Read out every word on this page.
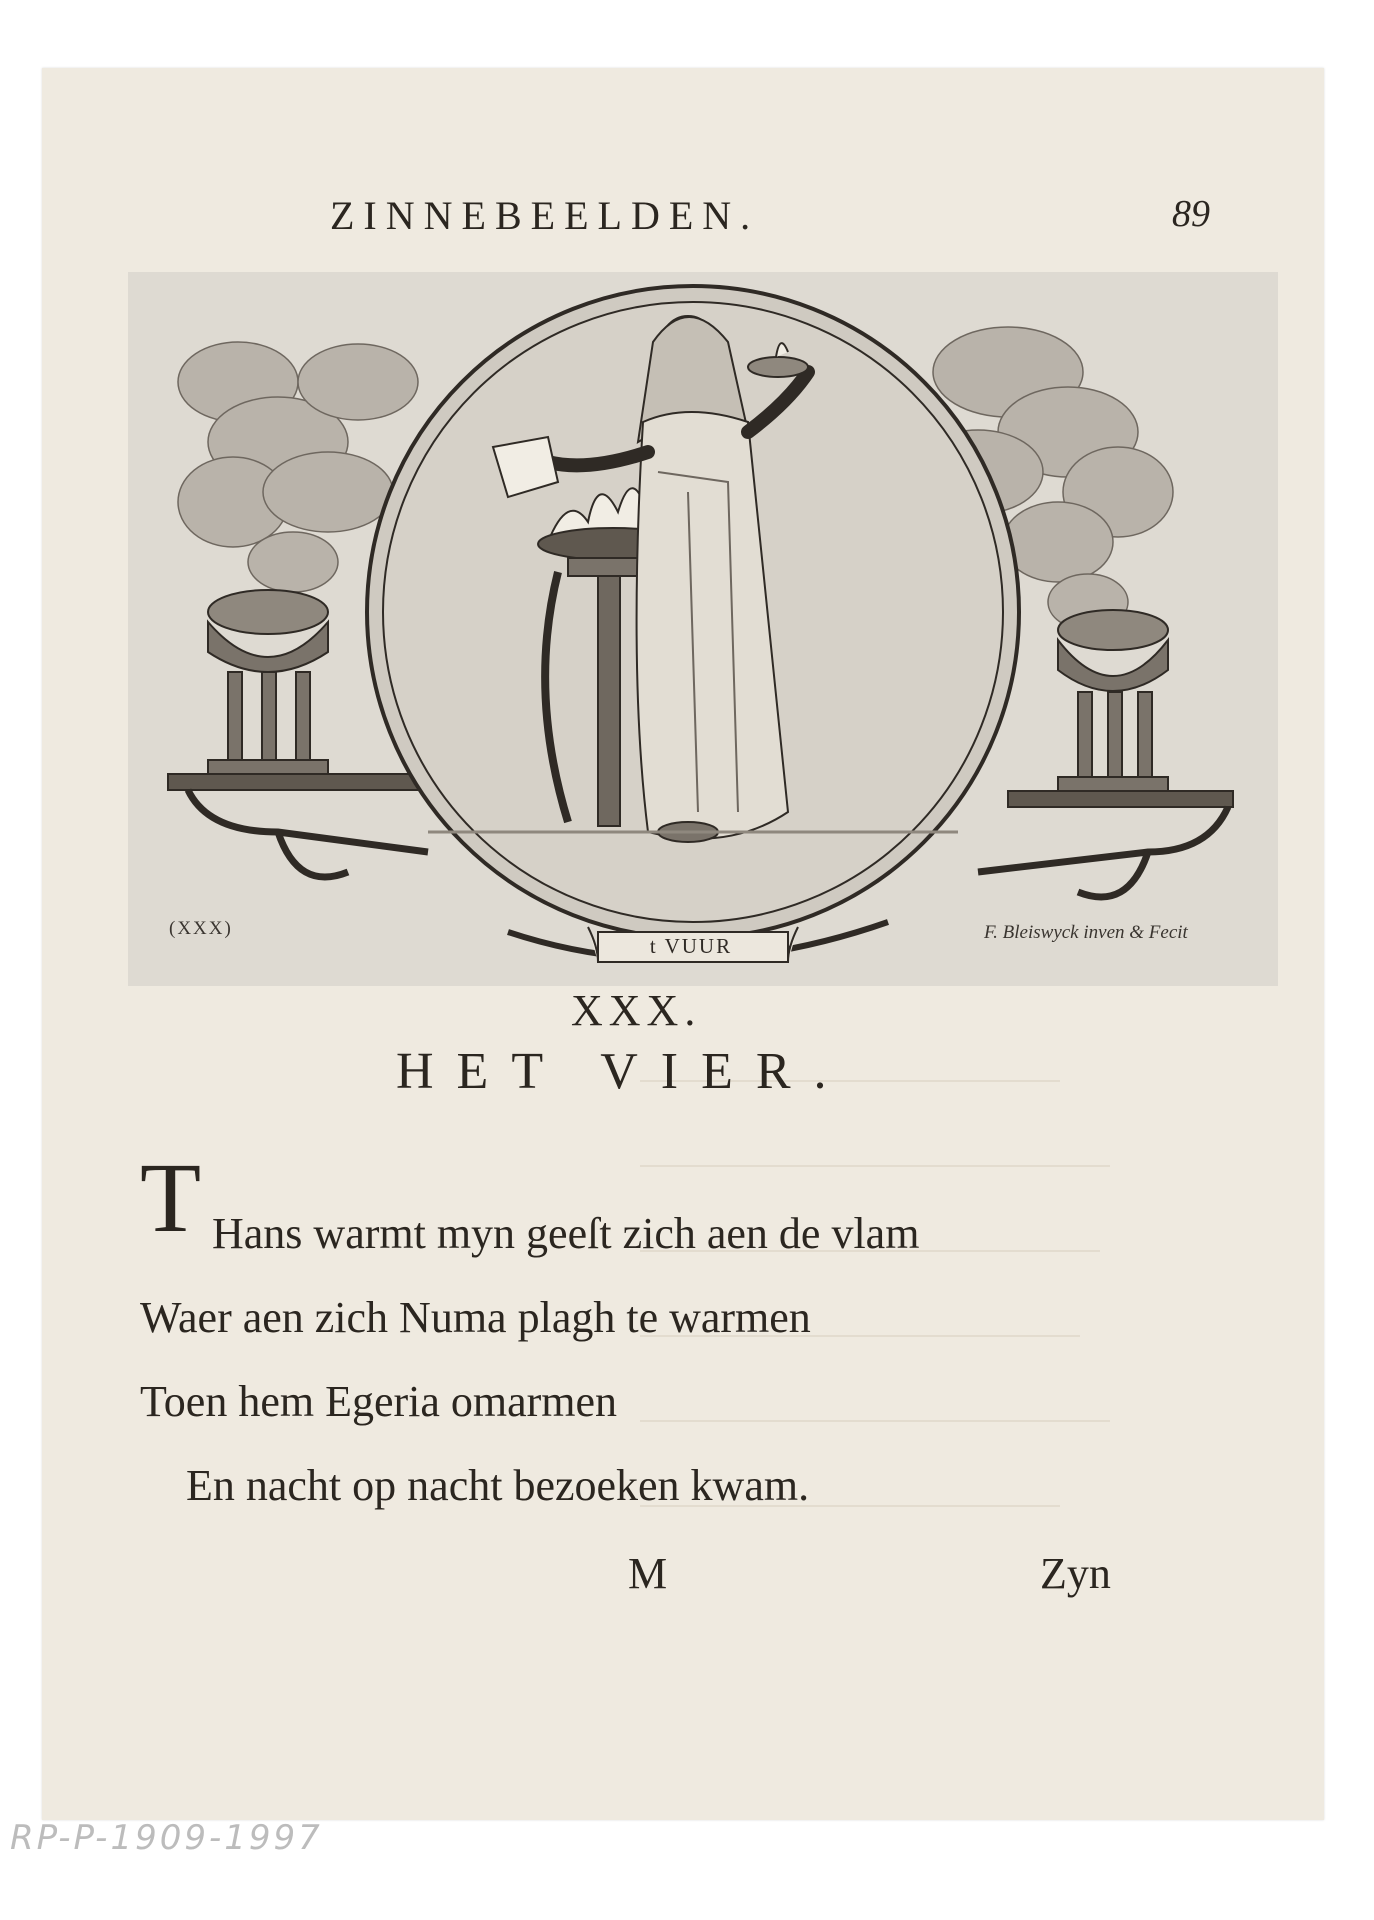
ZINNEBEELDEN.	89
(XXX)
t VUUR
F. Bleiswyck inven & Fecit
XXX.
HET VIER.
T Hans warmt myn geeſt zich aen de vlam
Waer aen zich Numa plagh te warmen
Toen hem Egeria omarmen
En nacht op nacht bezoeken kwam.
M	Zyn
RP-P-1909-1997
